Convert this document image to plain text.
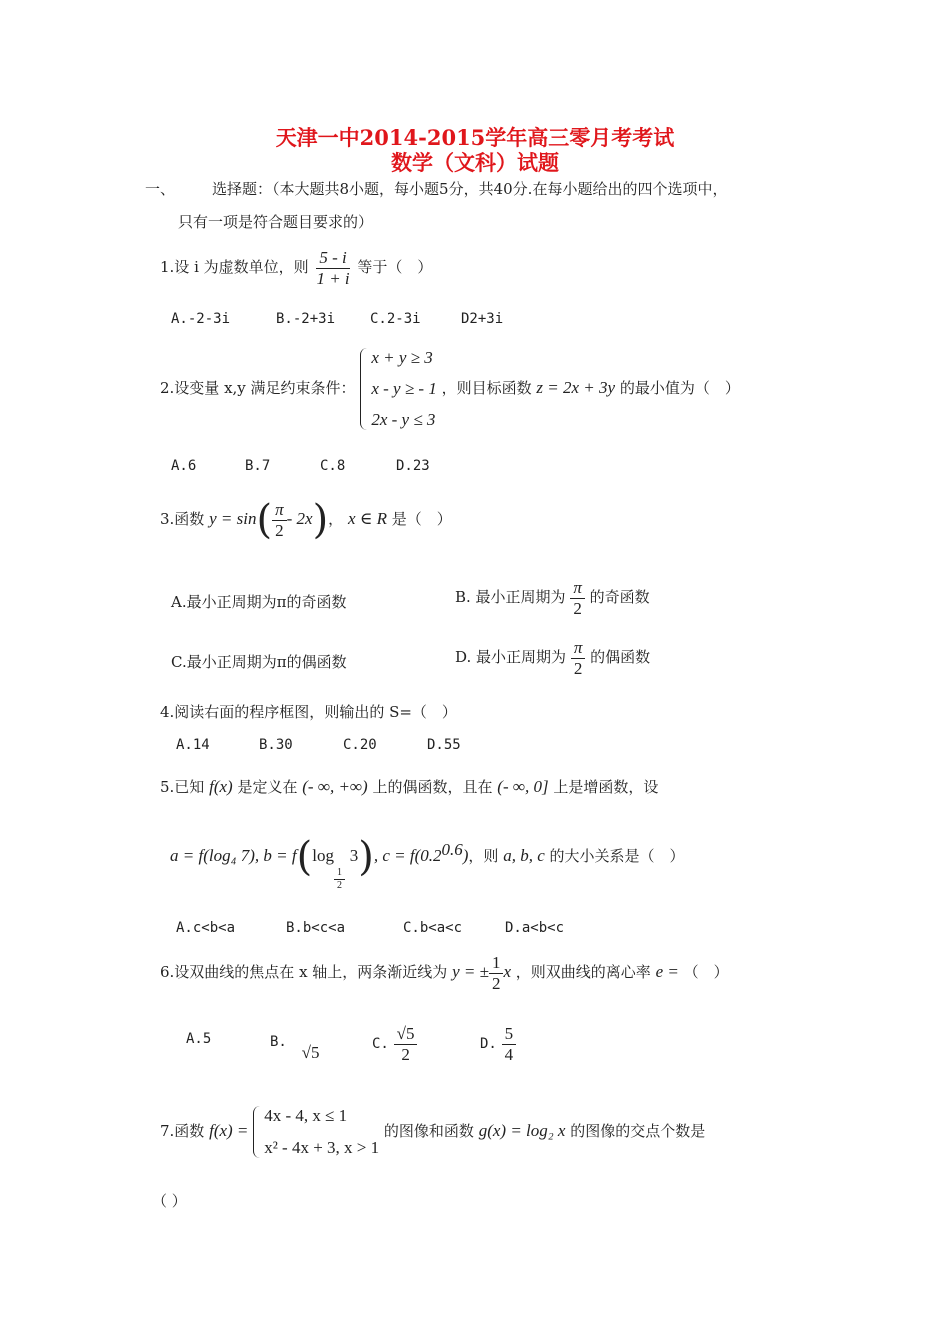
天津一中2014-2015学年高三零月考考试
数学（文科）试题
一、 选择题：（本大题共8小题，每小题5分，共40分.在每小题给出的四个选项中，
只有一项是符合题目要求的）
1.设 i 为虚数单位，则 $\frac{5 - i}{1 + i}$ 等于（　）
A.-2-3i	B.-2+3i C.2-3i	D2+3i
2.设变量 x,y 满足约束条件：
x + y ≥ 3
x - y ≥ - 1
2x - y ≤ 3
，则目标函数 z = 2x + 3y 的最小值为（　）
A.6	B.7	C.8	D.23
3.函数 $y = \sin( \frac{\pi}{2} - 2x)$， x ∈ R 是（　）
A.最小正周期为π的奇函数	B. 最小正周期为 $\frac{\pi}{2}$ 的奇函数
C.最小正周期为π的偶函数	D. 最小正周期为 $\frac{\pi}{2}$ 的偶函数
4.阅读右面的程序框图，则输出的 S=（　）
A.14	B.30	C.20	D.55
5.已知 f(x) 是定义在 (- ∞, +∞) 上的偶函数，且在 (- ∞, 0] 上是增函数，设
a = f(log₄ 7), b = f(log
$\frac{1}{2}$
3), $c = f(0.2^{0.6})$，则 a, b, c 的大小关系是（　）
A.c<b<a	B.b<c<a	C.b<a<c	D.a<b<c
6.设双曲线的焦点在 x 轴上，两条渐近线为 y = ± $\frac{1}{2}$ x ，则双曲线的离心率 e = （　）
A.5	B. √5	C. $\frac{√5}{2}$	D. $\frac{5}{4}$
7.函数 f(x) =
4x - 4, x ≤ 1
x² - 4x + 3, x > 1
的图像和函数 g(x) = log₂ x 的图像的交点个数是
（ ）
